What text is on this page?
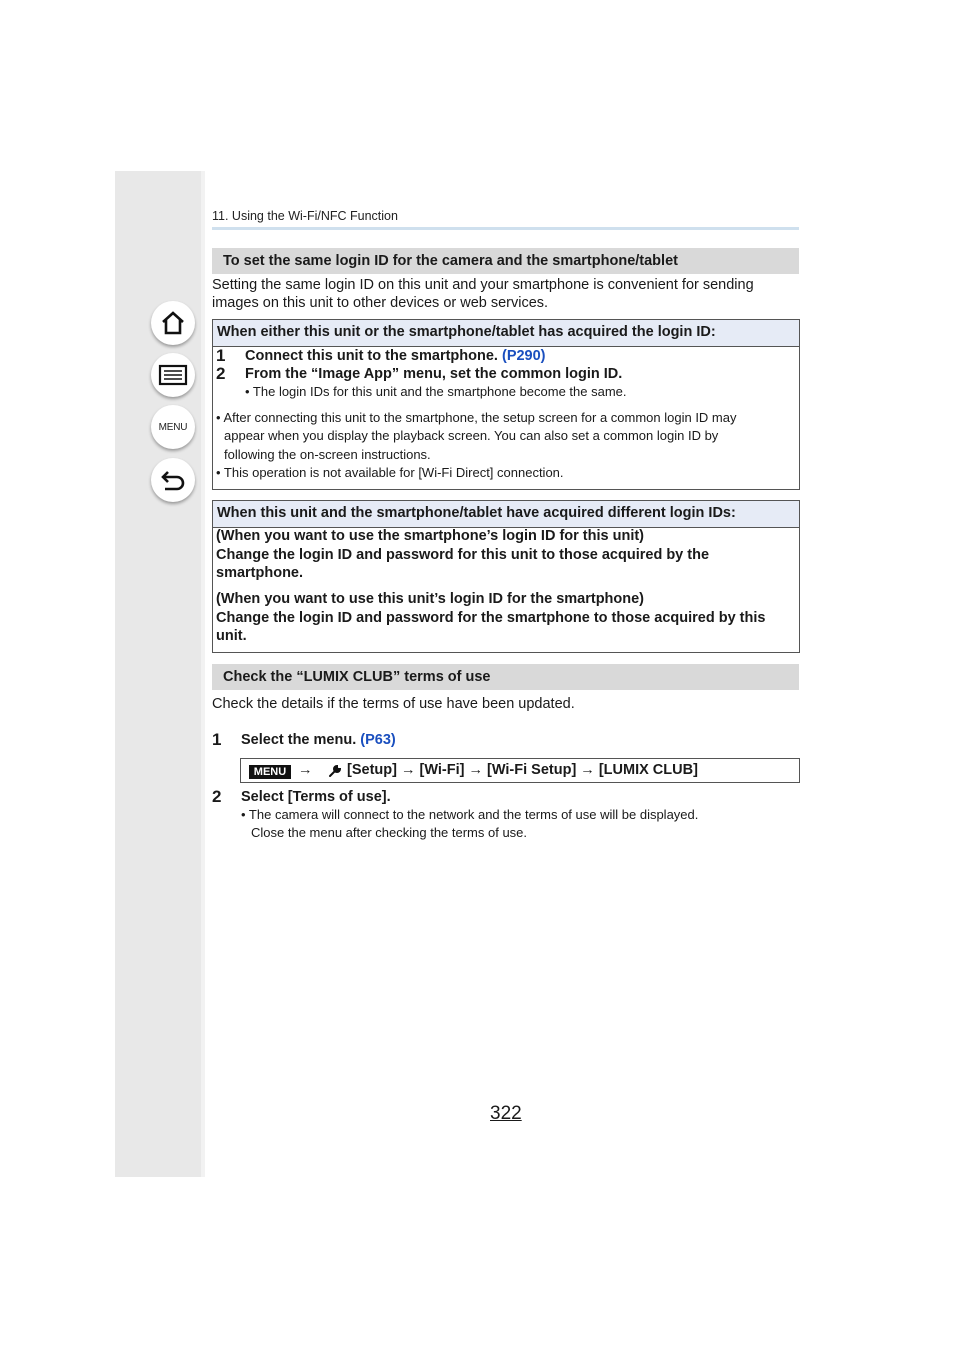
MENU
11. Using the Wi-Fi/NFC Function
To set the same login ID for the camera and the smartphone/tablet
Setting the same login ID on this unit and your smartphone is convenient for sending
images on this unit to other devices or web services.
When either this unit or the smartphone/tablet has acquired the login ID:
1 Connect this unit to the smartphone. (P290)
2 From the “Image App” menu, set the common login ID.
• The login IDs for this unit and the smartphone become the same.
• After connecting this unit to the smartphone, the setup screen for a common login ID may
appear when you display the playback screen. You can also set a common login ID by
following the on-screen instructions.
• This operation is not available for [Wi-Fi Direct] connection.
When this unit and the smartphone/tablet have acquired different login IDs:
(When you want to use the smartphone’s login ID for this unit)
Change the login ID and password for this unit to those acquired by the
smartphone.
(When you want to use this unit’s login ID for the smartphone)
Change the login ID and password for the smartphone to those acquired by this
unit.
Check the “LUMIX CLUB” terms of use
Check the details if the terms of use have been updated.
1 Select the menu. (P63)
MENU → [Setup] → [Wi-Fi] → [Wi-Fi Setup] → [LUMIX CLUB]
2 Select [Terms of use].
• The camera will connect to the network and the terms of use will be displayed.
Close the menu after checking the terms of use.
322
